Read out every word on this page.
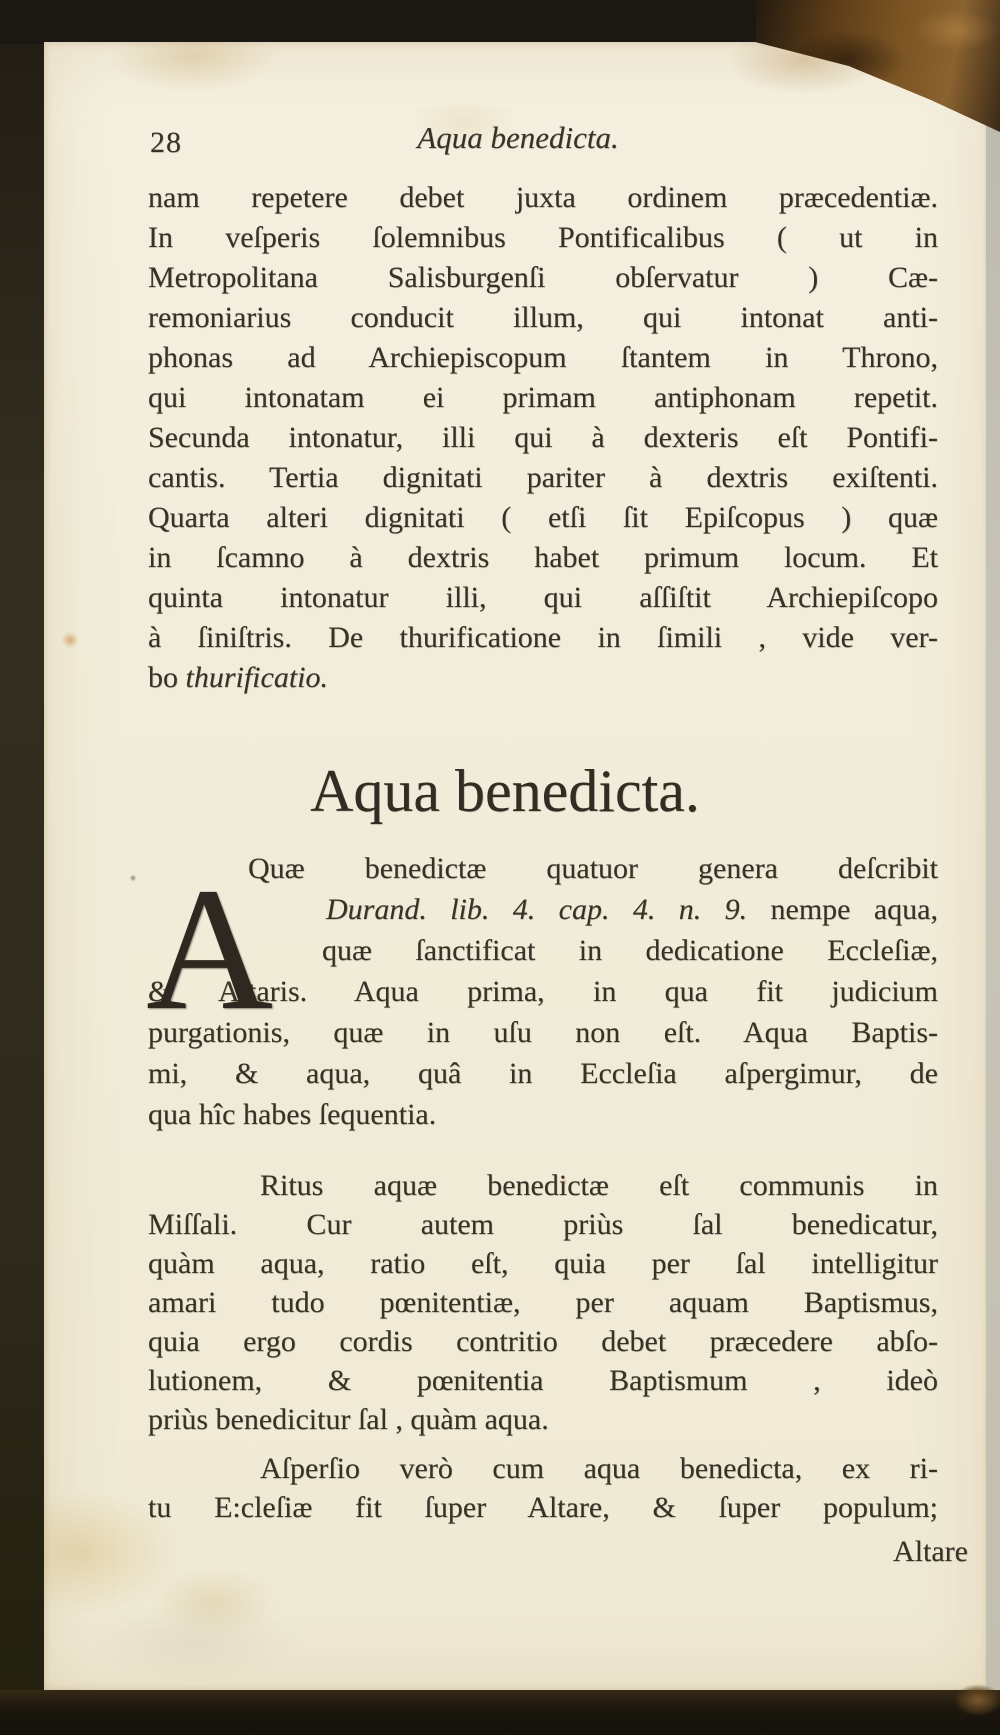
28	Aqua benedicta.
nam repetere debet juxta ordinem præcedentiæ.
In veſperis ſolemnibus Pontificalibus ( ut in
Metropolitana Salisburgenſi obſervatur ) Cæ-
remoniarius conducit illum, qui intonat anti-
phonas ad Archiepiscopum ſtantem in Throno,
qui intonatam ei primam antiphonam repetit.
Secunda intonatur, illi qui à dexteris eſt Pontifi-
cantis. Tertia dignitati pariter à dextris exiſtenti.
Quarta alteri dignitati ( etſi ſit Epiſcopus ) quæ
in ſcamno à dextris habet primum locum. Et
quinta intonatur illi, qui aſſiſtit Archiepiſcopo
à ſiniſtris. De thurificatione in ſimili , vide ver-
bo thurificatio.
Aqua benedicta.
A
Quæ benedictæ quatuor genera deſcribit
Durand. lib. 4. cap. 4. n. 9. nempe aqua,
quæ ſanctificat in dedicatione Eccleſiæ,
& Altaris. Aqua prima, in qua fit judicium
purgationis, quæ in uſu non eſt. Aqua Baptis-
mi, & aqua, quâ in Eccleſia aſpergimur, de
qua hîc habes ſequentia.
Ritus aquæ benedictæ eſt communis in
Miſſali. Cur autem priùs ſal benedicatur,
quàm aqua, ratio eſt, quia per ſal intelligitur
amari tudo pœnitentiæ, per aquam Baptismus,
quia ergo cordis contritio debet præcedere abſo-
lutionem, & pœnitentia Baptismum , ideò
priùs benedicitur ſal , quàm aqua.
Aſperſio verò cum aqua benedicta, ex ri-
tu E:cleſiæ fit ſuper Altare, & ſuper populum;
Altare
